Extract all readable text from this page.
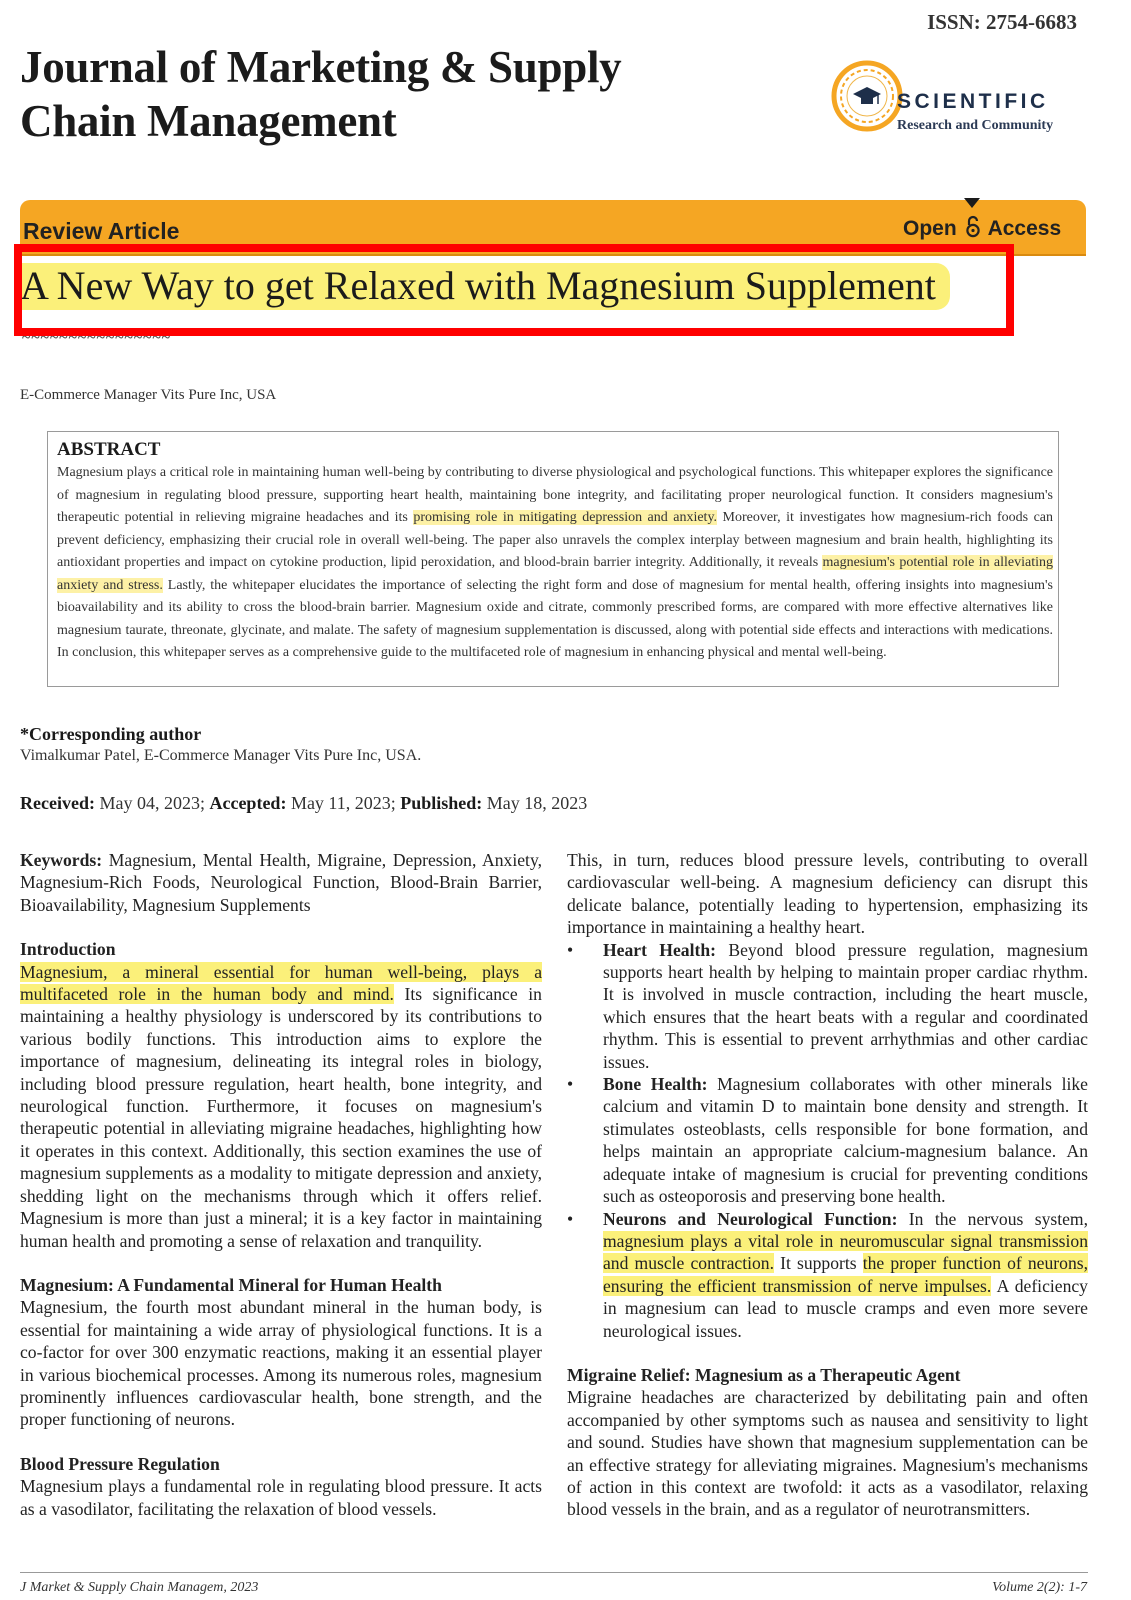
ISSN: 2754-6683
Journal of Marketing & Supply
Chain Management	SCIENTIFIC
Research and Community
Review Article	Open Access
A New Way to get Relaxed with Magnesium Supplement
~~~~~~~~~~~~~~~~
E-Commerce Manager Vits Pure Inc, USA
ABSTRACT
Magnesium plays a critical role in maintaining human well-being by contributing to diverse physiological and psychological functions. This whitepaper explores the significance of magnesium in regulating blood pressure, supporting heart health, maintaining bone integrity, and facilitating proper neurological function. It considers magnesium's therapeutic potential in relieving migraine headaches and its promising role in mitigating depression and anxiety. Moreover, it investigates how magnesium-rich foods can prevent deficiency, emphasizing their crucial role in overall well-being. The paper also unravels the complex interplay between magnesium and brain health, highlighting its antioxidant properties and impact on cytokine production, lipid peroxidation, and blood-brain barrier integrity. Additionally, it reveals magnesium's potential role in alleviating anxiety and stress. Lastly, the whitepaper elucidates the importance of selecting the right form and dose of magnesium for mental health, offering insights into magnesium's bioavailability and its ability to cross the blood-brain barrier. Magnesium oxide and citrate, commonly prescribed forms, are compared with more effective alternatives like magnesium taurate, threonate, glycinate, and malate. The safety of magnesium supplementation is discussed, along with potential side effects and interactions with medications. In conclusion, this whitepaper serves as a comprehensive guide to the multifaceted role of magnesium in enhancing physical and mental well-being.
*Corresponding author
Vimalkumar Patel, E-Commerce Manager Vits Pure Inc, USA.
Received: May 04, 2023; Accepted: May 11, 2023; Published: May 18, 2023

Keywords: Magnesium, Mental Health, Migraine, Depression, Anxiety, Magnesium-Rich Foods, Neurological Function, Blood-Brain Barrier, Bioavailability, Magnesium Supplements

Introduction

Magnesium, a mineral essential for human well-being, plays a multifaceted role in the human body and mind. Its significance in maintaining a healthy physiology is underscored by its contributions to various bodily functions. This introduction aims to explore the importance of magnesium, delineating its integral roles in biology, including blood pressure regulation, heart health, bone integrity, and neurological function. Furthermore, it focuses on magnesium's therapeutic potential in alleviating migraine headaches, highlighting how it operates in this context. Additionally, this section examines the use of magnesium supplements as a modality to mitigate depression and anxiety, shedding light on the mechanisms through which it offers relief. Magnesium is more than just a mineral; it is a key factor in maintaining human health and promoting a sense of relaxation and tranquility.

Magnesium: A Fundamental Mineral for Human Health

Magnesium, the fourth most abundant mineral in the human body, is essential for maintaining a wide array of physiological functions. It is a co-factor for over 300 enzymatic reactions, making it an essential player in various biochemical processes. Among its numerous roles, magnesium prominently influences cardiovascular health, bone strength, and the proper functioning of neurons.

Blood Pressure Regulation

Magnesium plays a fundamental role in regulating blood pressure. It acts as a vasodilator, facilitating the relaxation of blood vessels.

This, in turn, reduces blood pressure levels, contributing to overall cardiovascular well-being. A magnesium deficiency can disrupt this delicate balance, potentially leading to hypertension, emphasizing its importance in maintaining a healthy heart.

• Heart Health: Beyond blood pressure regulation, magnesium supports heart health by helping to maintain proper cardiac rhythm. It is involved in muscle contraction, including the heart muscle, which ensures that the heart beats with a regular and coordinated rhythm. This is essential to prevent arrhythmias and other cardiac issues.
• Bone Health: Magnesium collaborates with other minerals like calcium and vitamin D to maintain bone density and strength. It stimulates osteoblasts, cells responsible for bone formation, and helps maintain an appropriate calcium-magnesium balance. An adequate intake of magnesium is crucial for preventing conditions such as osteoporosis and preserving bone health.
• Neurons and Neurological Function: In the nervous system, magnesium plays a vital role in neuromuscular signal transmission and muscle contraction. It supports the proper function of neurons, ensuring the efficient transmission of nerve impulses. A deficiency in magnesium can lead to muscle cramps and even more severe neurological issues.

Migraine Relief: Magnesium as a Therapeutic Agent

Migraine headaches are characterized by debilitating pain and often accompanied by other symptoms such as nausea and sensitivity to light and sound. Studies have shown that magnesium supplementation can be an effective strategy for alleviating migraines. Magnesium's mechanisms of action in this context are twofold: it acts as a vasodilator, relaxing blood vessels in the brain, and as a regulator of neurotransmitters.

J Market & Supply Chain Managem, 2023	Volume 2(2): 1-7
